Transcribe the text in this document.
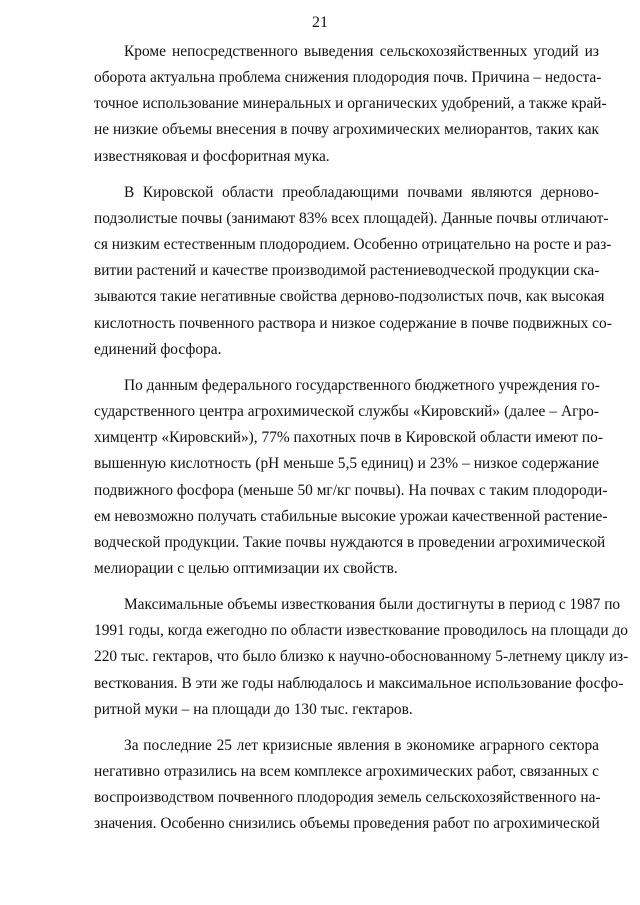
21
Кроме непосредственного выведения сельскохозяйственных угодий из
оборота актуальна проблема снижения плодородия почв. Причина – недоста-
точное использование минеральных и органических удобрений, а также край-
не низкие объемы внесения в почву агрохимических мелиорантов, таких как
известняковая и фосфоритная мука.
В Кировской области преобладающими почвами являются дерново-
подзолистые почвы (занимают 83% всех площадей). Данные почвы отличают-
ся низким естественным плодородием. Особенно отрицательно на росте и раз-
витии растений и качестве производимой растениеводческой продукции ска-
зываются такие негативные свойства дерново-подзолистых почв, как высокая
кислотность почвенного раствора и низкое содержание в почве подвижных со-
единений фосфора.
По данным федерального государственного бюджетного учреждения го-
сударственного центра агрохимической службы «Кировский» (далее – Агро-
химцентр «Кировский»), 77% пахотных почв в Кировской области имеют по-
вышенную кислотность (pH меньше 5,5 единиц) и 23% – низкое содержание
подвижного фосфора (меньше 50 мг/кг почвы). На почвах с таким плодороди-
ем невозможно получать стабильные высокие урожаи качественной растение-
водческой продукции. Такие почвы нуждаются в проведении агрохимической
мелиорации с целью оптимизации их свойств.
Максимальные объемы известкования были достигнуты в период с 1987 по
1991 годы, когда ежегодно по области известкование проводилось на площади до
220 тыс. гектаров, что было близко к научно-обоснованному 5-летнему циклу из-
весткования. В эти же годы наблюдалось и максимальное использование фосфо-
ритной муки – на площади до 130 тыс. гектаров.
За последние 25 лет кризисные явления в экономике аграрного сектора
негативно отразились на всем комплексе агрохимических работ, связанных с
воспроизводством почвенного плодородия земель сельскохозяйственного на-
значения. Особенно снизились объемы проведения работ по агрохимической
